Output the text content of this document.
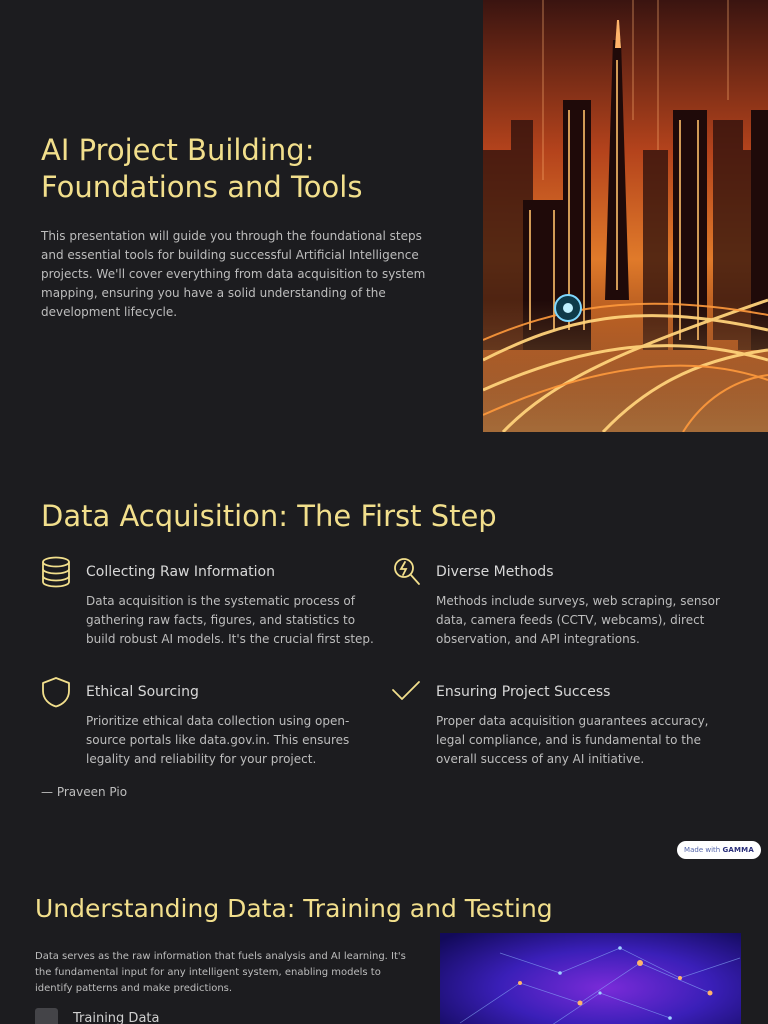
AI Project Building: Foundations and Tools

This presentation will guide you through the foundational steps and essential tools for building successful Artificial Intelligence projects. We'll cover everything from data acquisition to system mapping, ensuring you have a solid understanding of the development lifecycle.

Data Acquisition: The First Step
Collecting Raw Information
Data acquisition is the systematic process of gathering raw facts, figures, and statistics to build robust AI models. It's the crucial first step.
Diverse Methods
Methods include surveys, web scraping, sensor data, camera feeds (CCTV, webcams), direct observation, and API integrations.
Ethical Sourcing
Prioritize ethical data collection using open-source portals like data.gov.in. This ensures legality and reliability for your project.
Ensuring Project Success
Proper data acquisition guarantees accuracy, legal compliance, and is fundamental to the overall success of any AI initiative.
— Praveen Pio
Made with GAMMA
Understanding Data: Training and Testing
Data serves as the raw information that fuels analysis and AI learning. It's the fundamental input for any intelligent system, enabling models to identify patterns and make predictions.
Training Data
